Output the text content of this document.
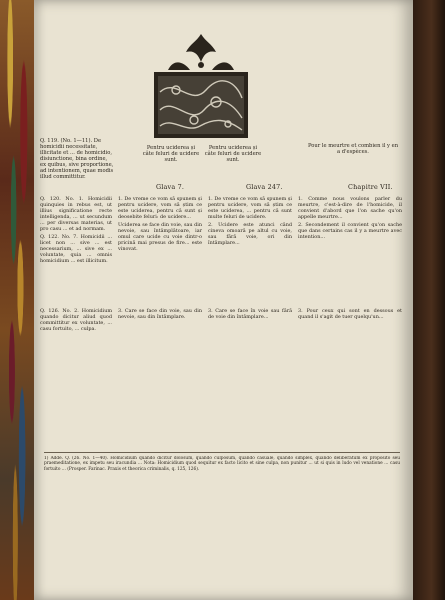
Q. 119. (No. 1—11). De homicidii necessitate, illicitate et ... de homicidio, disiunctione, bina ordine, ex quibus, sive proportione, ad intentionem, quae modis illud committitur.
Pentru uciderea și câte feluri de ucidere sunt.
Pentru uciderea și câte feluri de ucidere sunt.
Pour le meurtre et combien il y en a d'espèces.
Glava 7.	Glava 247.	Chapitre VII.

Q. 120. No. 1. Homicidii quinquies in rebus est, ut illius significatione recte intelligenda, ... ut secundum ... per diversas materias, ut pro casu ... et ad normam.

Q. 122. No. 7. Homicidii ... licet non ... sive ... est necessarium, ... sive ex ... voluntate, quia ... omnis homicidium ... est illicitum.

1. De vreme ce vom să spunem și pentru ucidere, vom să știm ce este uciderea, pentru că sunt și deosebite feluri: de ucidere...

Uciderea se face din voie, sau din nevoie, sau întâmplătoare, iar omul care ucide cu voie dintr-o pricină mai presus de fire... este vinovat.

1. De vreme ce vom să spunem și pentru ucidere, vom să știm ce este uciderea, ... pentru că sunt multe feluri de ucidere.

2. Ucidere este atunci când cineva omoară pe altul cu voie, sau fără voie, ori din întâmplare...

1. Comme nous voulons parler du meurtre, c'est-à-dire de l'homicide, il convient d'abord que l'on sache qu'on appelle meurtre...

2. Secondement il convient qu'on sache que dans certains cas il y a meurtre avec intention...

Q. 126. No. 2. Homicidium quando dicitur aliud quod committitur ex voluntate, ... casu fortuito, ... culpa.
3. Care se face din voie, sau din nevoie, sau din întâmplare.
3. Care se face în voie sau fără de voie din întâmplare...
3. Pour ceux qui sont en dessous et quand il s'agit de tuer quelqu'un...
1) Adde. Q. (26. No. 1—40). Homicidium quando dicitur dolosum, quando culposum, quando casuale, quando simplex, quando deliberatum ex proposito seu praemeditatione, ex impetu seu iracundia ... Nota: Homicidium quod sequitur ex facto licito et sine culpa, non punitur ... ut si quis in ludo vel venatione ... casu fortuito ... (Prosper. Farinac. Praxis et theorica criminalis, q. 125, 126).
